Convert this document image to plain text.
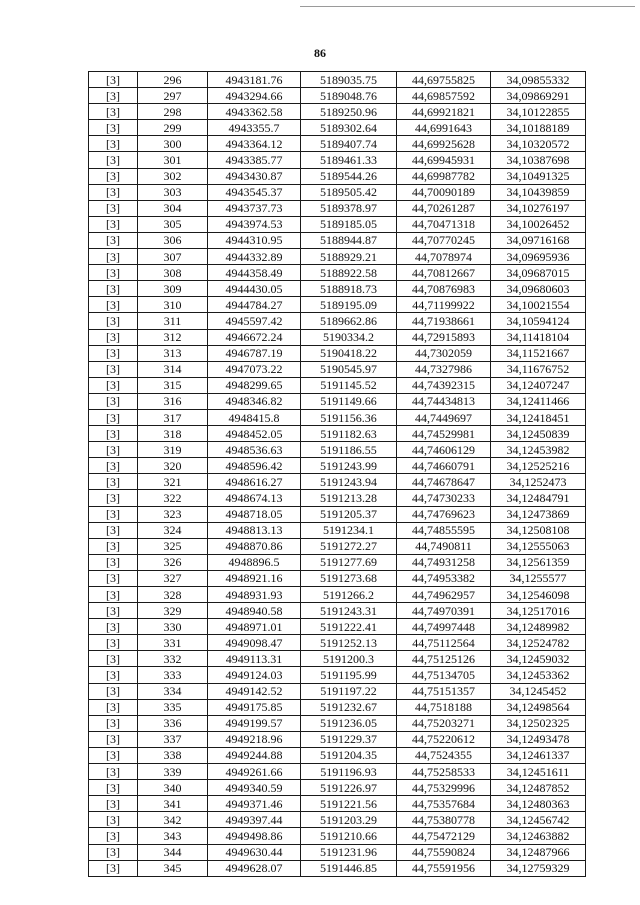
86
[3]	296	4943181.76	5189035.75	44,69755825	34,09855332
[3]	297	4943294.66	5189048.76	44,69857592	34,09869291
[3]	298	4943362.58	5189250.96	44,69921821	34,10122855
[3]	299	4943355.7	5189302.64	44,6991643	34,10188189
[3]	300	4943364.12	5189407.74	44,69925628	34,10320572
[3]	301	4943385.77	5189461.33	44,69945931	34,10387698
[3]	302	4943430.87	5189544.26	44,69987782	34,10491325
[3]	303	4943545.37	5189505.42	44,70090189	34,10439859
[3]	304	4943737.73	5189378.97	44,70261287	34,10276197
[3]	305	4943974.53	5189185.05	44,70471318	34,10026452
[3]	306	4944310.95	5188944.87	44,70770245	34,09716168
[3]	307	4944332.89	5188929.21	44,7078974	34,09695936
[3]	308	4944358.49	5188922.58	44,70812667	34,09687015
[3]	309	4944430.05	5188918.73	44,70876983	34,09680603
[3]	310	4944784.27	5189195.09	44,71199922	34,10021554
[3]	311	4945597.42	5189662.86	44,71938661	34,10594124
[3]	312	4946672.24	5190334.2	44,72915893	34,11418104
[3]	313	4946787.19	5190418.22	44,7302059	34,11521667
[3]	314	4947073.22	5190545.97	44,7327986	34,11676752
[3]	315	4948299.65	5191145.52	44,74392315	34,12407247
[3]	316	4948346.82	5191149.66	44,74434813	34,12411466
[3]	317	4948415.8	5191156.36	44,7449697	34,12418451
[3]	318	4948452.05	5191182.63	44,74529981	34,12450839
[3]	319	4948536.63	5191186.55	44,74606129	34,12453982
[3]	320	4948596.42	5191243.99	44,74660791	34,12525216
[3]	321	4948616.27	5191243.94	44,74678647	34,1252473
[3]	322	4948674.13	5191213.28	44,74730233	34,12484791
[3]	323	4948718.05	5191205.37	44,74769623	34,12473869
[3]	324	4948813.13	5191234.1	44,74855595	34,12508108
[3]	325	4948870.86	5191272.27	44,7490811	34,12555063
[3]	326	4948896.5	5191277.69	44,74931258	34,12561359
[3]	327	4948921.16	5191273.68	44,74953382	34,1255577
[3]	328	4948931.93	5191266.2	44,74962957	34,12546098
[3]	329	4948940.58	5191243.31	44,74970391	34,12517016
[3]	330	4948971.01	5191222.41	44,74997448	34,12489982
[3]	331	4949098.47	5191252.13	44,75112564	34,12524782
[3]	332	4949113.31	5191200.3	44,75125126	34,12459032
[3]	333	4949124.03	5191195.99	44,75134705	34,12453362
[3]	334	4949142.52	5191197.22	44,75151357	34,1245452
[3]	335	4949175.85	5191232.67	44,7518188	34,12498564
[3]	336	4949199.57	5191236.05	44,75203271	34,12502325
[3]	337	4949218.96	5191229.37	44,75220612	34,12493478
[3]	338	4949244.88	5191204.35	44,7524355	34,12461337
[3]	339	4949261.66	5191196.93	44,75258533	34,12451611
[3]	340	4949340.59	5191226.97	44,75329996	34,12487852
[3]	341	4949371.46	5191221.56	44,75357684	34,12480363
[3]	342	4949397.44	5191203.29	44,75380778	34,12456742
[3]	343	4949498.86	5191210.66	44,75472129	34,12463882
[3]	344	4949630.44	5191231.96	44,75590824	34,12487966
[3]	345	4949628.07	5191446.85	44,75591956	34,12759329
